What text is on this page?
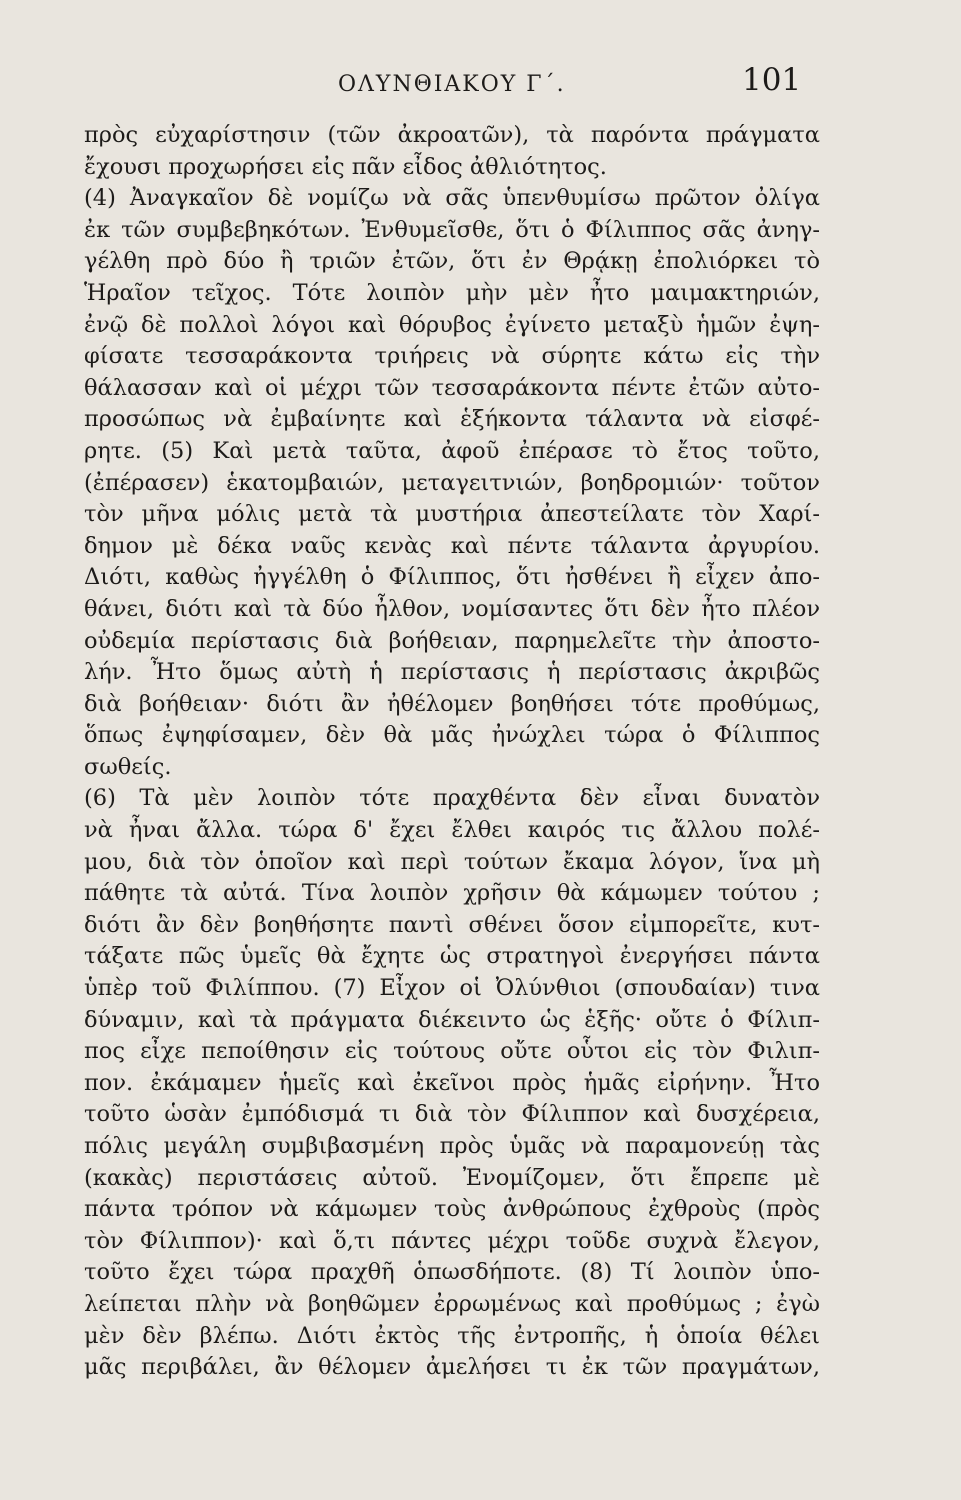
ΟΛΥΝΘΙΑΚΟΥ Γ΄.	101
πρὸς εὐχαρίστησιν (τῶν ἀκροατῶν), τὰ παρόντα πράγματα
ἔχουσι προχωρήσει εἰς πᾶν εἶδος ἀθλιότητος.
(4) Ἀναγκαῖον δὲ νομίζω νὰ σᾶς ὑπενθυμίσω πρῶτον ὀλίγα
ἐκ τῶν συμβεβηκότων. Ἐνθυμεῖσθε, ὅτι ὁ Φίλιππος σᾶς ἀνηγ-
γέλθη πρὸ δύο ἢ τριῶν ἐτῶν, ὅτι ἐν Θρᾴκῃ ἐπολιόρκει τὸ
Ἡραῖον τεῖχος. Τότε λοιπὸν μὴν μὲν ἦτο μαιμακτηριών,
ἐνῷ δὲ πολλοὶ λόγοι καὶ θόρυβος ἐγίνετο μεταξὺ ἡμῶν ἐψη-
φίσατε τεσσαράκοντα τριήρεις νὰ σύρητε κάτω εἰς τὴν
θάλασσαν καὶ οἱ μέχρι τῶν τεσσαράκοντα πέντε ἐτῶν αὐτο-
προσώπως νὰ ἐμβαίνητε καὶ ἑξήκοντα τάλαντα νὰ εἰσφέ-
ρητε. (5) Καὶ μετὰ ταῦτα, ἀφοῦ ἐπέρασε τὸ ἔτος τοῦτο,
(ἐπέρασεν) ἑκατομβαιών, μεταγειτνιών, βοηδρομιών· τοῦτον
τὸν μῆνα μόλις μετὰ τὰ μυστήρια ἀπεστείλατε τὸν Χαρί-
δημον μὲ δέκα ναῦς κενὰς καὶ πέντε τάλαντα ἀργυρίου.
Διότι, καθὼς ἠγγέλθη ὁ Φίλιππος, ὅτι ἠσθένει ἢ εἶχεν ἀπο-
θάνει, διότι καὶ τὰ δύο ἦλθον, νομίσαντες ὅτι δὲν ἦτο πλέον
οὐδεμία περίστασις διὰ βοήθειαν, παρημελεῖτε τὴν ἀποστο-
λήν. Ἦτο ὅμως αὐτὴ ἡ περίστασις ἡ περίστασις ἀκριβῶς
διὰ βοήθειαν· διότι ἂν ἠθέλομεν βοηθήσει τότε προθύμως,
ὅπως ἐψηφίσαμεν, δὲν θὰ μᾶς ἠνώχλει τώρα ὁ Φίλιππος
σωθείς.
(6) Τὰ μὲν λοιπὸν τότε πραχθέντα δὲν εἶναι δυνατὸν
νὰ ἦναι ἄλλα. τώρα δ' ἔχει ἔλθει καιρός τις ἄλλου πολέ-
μου, διὰ τὸν ὁποῖον καὶ περὶ τούτων ἔκαμα λόγον, ἵνα μὴ
πάθητε τὰ αὐτά. Τίνα λοιπὸν χρῆσιν θὰ κάμωμεν τούτου ;
διότι ἂν δὲν βοηθήσητε παντὶ σθένει ὅσον εἰμπορεῖτε, κυτ-
τάξατε πῶς ὑμεῖς θὰ ἔχητε ὡς στρατηγοὶ ἐνεργήσει πάντα
ὑπὲρ τοῦ Φιλίππου. (7) Εἶχον οἱ Ὀλύνθιοι (σπουδαίαν) τινα
δύναμιν, καὶ τὰ πράγματα διέκειντο ὡς ἑξῆς· οὔτε ὁ Φίλιπ-
πος εἶχε πεποίθησιν εἰς τούτους οὔτε οὗτοι εἰς τὸν Φιλιπ-
πον. ἐκάμαμεν ἡμεῖς καὶ ἐκεῖνοι πρὸς ἡμᾶς εἰρήνην. Ἦτο
τοῦτο ὡσὰν ἐμπόδισμά τι διὰ τὸν Φίλιππον καὶ δυσχέρεια,
πόλις μεγάλη συμβιβασμένη πρὸς ὑμᾶς νὰ παραμονεύῃ τὰς
(κακὰς) περιστάσεις αὐτοῦ. Ἐνομίζομεν, ὅτι ἔπρεπε μὲ
πάντα τρόπον νὰ κάμωμεν τοὺς ἀνθρώπους ἐχθροὺς (πρὸς
τὸν Φίλιππον)· καὶ ὅ,τι πάντες μέχρι τοῦδε συχνὰ ἔλεγον,
τοῦτο ἔχει τώρα πραχθῆ ὁπωσδήποτε. (8) Τί λοιπὸν ὑπο-
λείπεται πλὴν νὰ βοηθῶμεν ἐρρωμένως καὶ προθύμως ; ἐγὼ
μὲν δὲν βλέπω. Διότι ἐκτὸς τῆς ἐντροπῆς, ἡ ὁποία θέλει
μᾶς περιβάλει, ἂν θέλομεν ἀμελήσει τι ἐκ τῶν πραγμάτων,
